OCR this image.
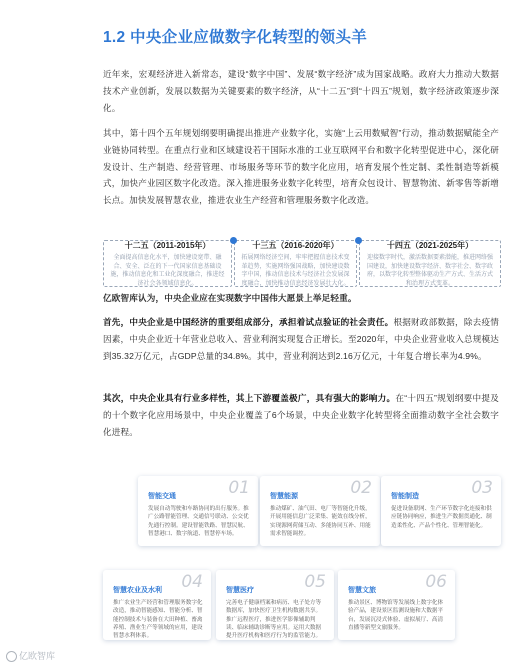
1.2 中央企业应做数字化转型的领头羊
近年来，宏观经济进入新常态，建设“数字中国”、发展“数字经济”成为国家战略。政府大力推动大数据技术产业创新，发展以数据为关键要素的数字经济，从“十二五”到“十四五”规划，数字经济政策逐步深化。
其中，第十四个五年规划纲要明确提出推进产业数字化，实施“上云用数赋智”行动，推动数据赋能全产业链协同转型。在重点行业和区域建设若干国际水准的工业互联网平台和数字化转型促进中心，深化研发设计、生产制造、经营管理、市场服务等环节的数字化应用，培育发展个性定制、柔性制造等新模式，加快产业园区数字化改造。深入推进服务业数字化转型，培育众包设计、智慧物流、新零售等新增长点。加快发展智慧农业，推进农业生产经营和管理服务数字化改造。
十二五（2011-2015年）
全面提高信息化水平，加快建设宽带、融合、安全、泛在的下一代国家信息基础设施，推动信息化和工业化深度融合，推进经济社会各领域信息化。
十三五（2016-2020年）
拓展网络经济空间，牢牢把握信息技术变革趋势，实施网络强国战略，加快建设数字中国，推动信息技术与经济社会发展深度融合，加快推动信息经济发展壮大化。
十四五（2021-2025年）
迎接数字时代，激活数据要素潜能，推进网络强国建设，加快建设数字经济、数字社会、数字政府，以数字化转型整体驱动生产方式、生活方式和治理方式变革。
亿欧智库认为，中央企业应在实现数字中国伟大愿景上举足轻重。
首先，中央企业是中国经济的重要组成部分，承担着试点验证的社会责任。根据财政部数据，除去疫情因素，中央企业近十年营业总收入、营业利润实现复合正增长。至2020年，中央企业营业收入总规模达到35.32万亿元，占GDP总量的34.8%。其中，营业利润达到2.16万亿元，十年复合增长率为4.9%。
其次，中央企业具有行业多样性，其上下游覆盖极广，具有强大的影响力。在“十四五”规划纲要中提及的十个数字化应用场景中，中央企业覆盖了6个场景，中央企业数字化转型将全面推动数字全社会数字化进程。
智能交通	01
发展自动驾驶和车路协同的出行服务。推广公路智能管理、交通信号联动、公交优先通行控制。建设智能铁路、智慧民航、智慧港口、数字航道、智慧停车场。
智慧能源	02
推动煤矿、油气田、电厂等智能化升级，开展用能信息广泛采集、能效在线分析，实现源网荷储互动、多能协同互补、用能需求智能调控。
智能制造	03
促进设备联网、生产环节数字化连接和供应链协同响应，推进生产数据贯通化、制造柔性化、产品个性化、管理智能化。
智慧农业及水利 04
推广农业生产经营和管理服务数字化改造，推动智能感知、智能分析、智能控制技术与装备在大田种植、畜禽养殖、渔业生产等领域的应用，建设智慧水利体系。
智慧医疗	05
完善电子健康档案和病历、电子处方等数据库，加快医疗卫生机构数据共享。推广远程医疗，推进医学影像辅助判读、临床辅助诊断等应用。运用大数据提升医疗机构和医疗行为的监管能力。
智慧文旅	06
推动景区、博物馆等发展线上数字化体验产品，建设景区监测设施和大数据平台，发展沉浸式体验、虚拟展厅、高清直播等新型文旅服务。
亿欧智库
